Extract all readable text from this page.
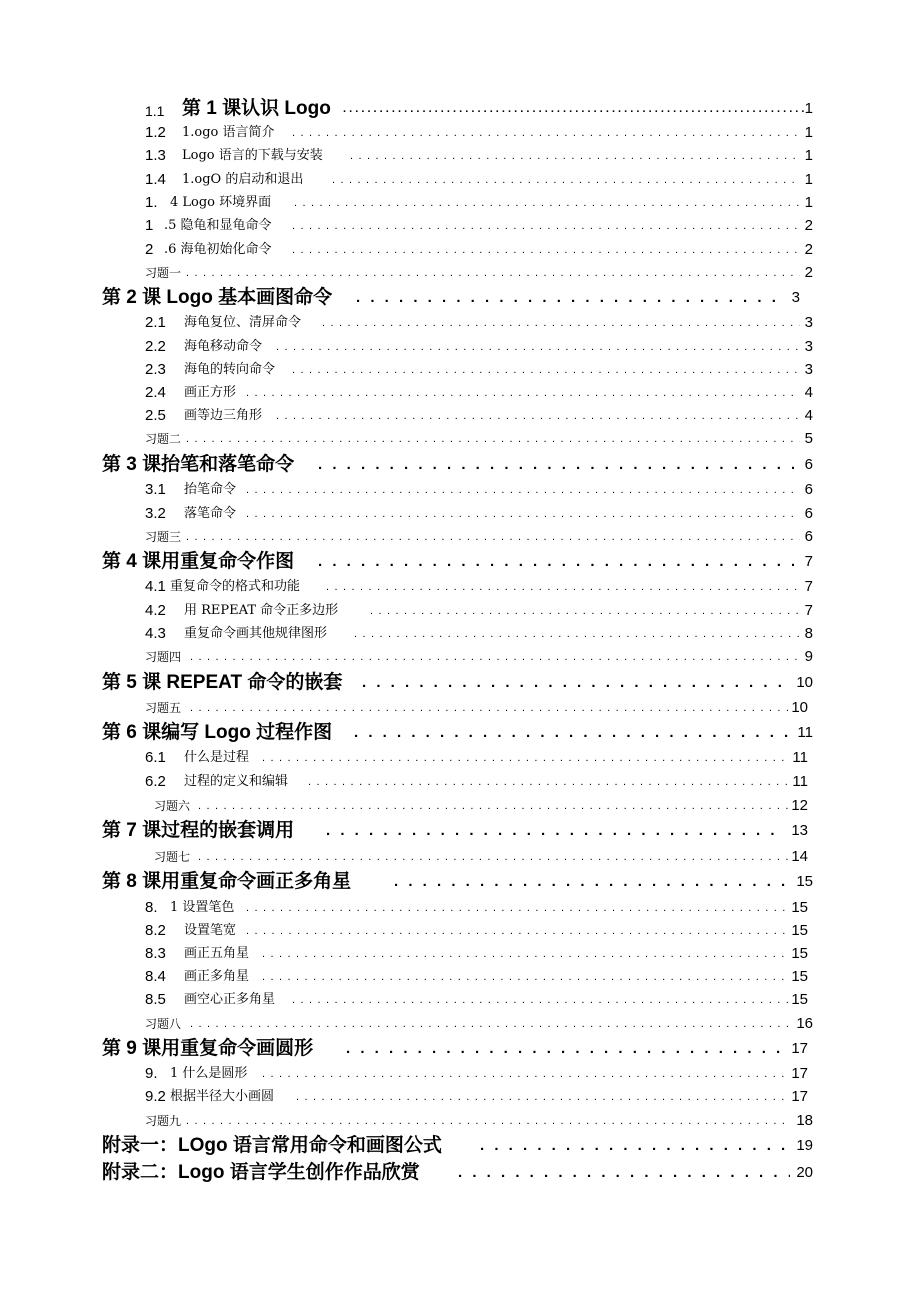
1.1 第 1 课认识 Logo . . .	1
1.2 1.ogo 语言简介 . . .	1
1.3 Logo 语言的下载与安装 . . .	1
1.4 1.ogO 的启动和退出 . . .	1
1. 4 Logo 环境界面 . . .	1
1 .5 隐龟和显龟命令 . . .	2
2 .6 海龟初始化命令 . . .	2
习题一 . . .	2
第 2 课 Logo 基本画图命令 . . .	3
2.1 海龟复位、清屏命令 . . .	3
2.2 海龟移动命令 . . .	3
2.3 海龟的转向命令 . . .	3
2.4 画正方形 . . .	4
2.5 画等边三角形 . . .	4
习题二 . . .	5
第 3 课抬笔和落笔命令 . . .	6
3.1 抬笔命令 . . .	6
3.2 落笔命令 . . .	6
习题三 . . .	6
第 4 课用重复命令作图 . . .	7
4.1 重复命令的格式和功能 . . .	7
4.2 用 REPEAT 命令正多边形 . . .	7
4.3 重复命令画其他规律图形 . . .	8
习题四 . . .	9
第 5 课 REPEAT 命令的嵌套 . . .	10
习题五 . . .	10
第 6 课编写 Logo 过程作图 . . .	11
6.1 什么是过程 . . .	11
6.2 过程的定义和编辑 . . .	11
习题六 . . .	12
第 7 课过程的嵌套调用 . . .	13
习题七 . . .	14
第 8 课用重复命令画正多角星 . . .	15
8. 1 设置笔色 . . .	15
8.2 设置笔宽 . . .	15
8.3 画正五角星 . . .	15
8.4 画正多角星 . . .	15
8.5 画空心正多角星 . . .	15
习题八 . . .	16
第 9 课用重复命令画圆形 . . .	17
9. 1 什么是圆形 . . .	17
9.2 根据半径大小画圆 . . .	17
习题九 . . .	18
附录一：LOgo 语言常用命令和画图公式 . . .	19
附录二：Logo 语言学生创作作品欣赏 . . .	20
